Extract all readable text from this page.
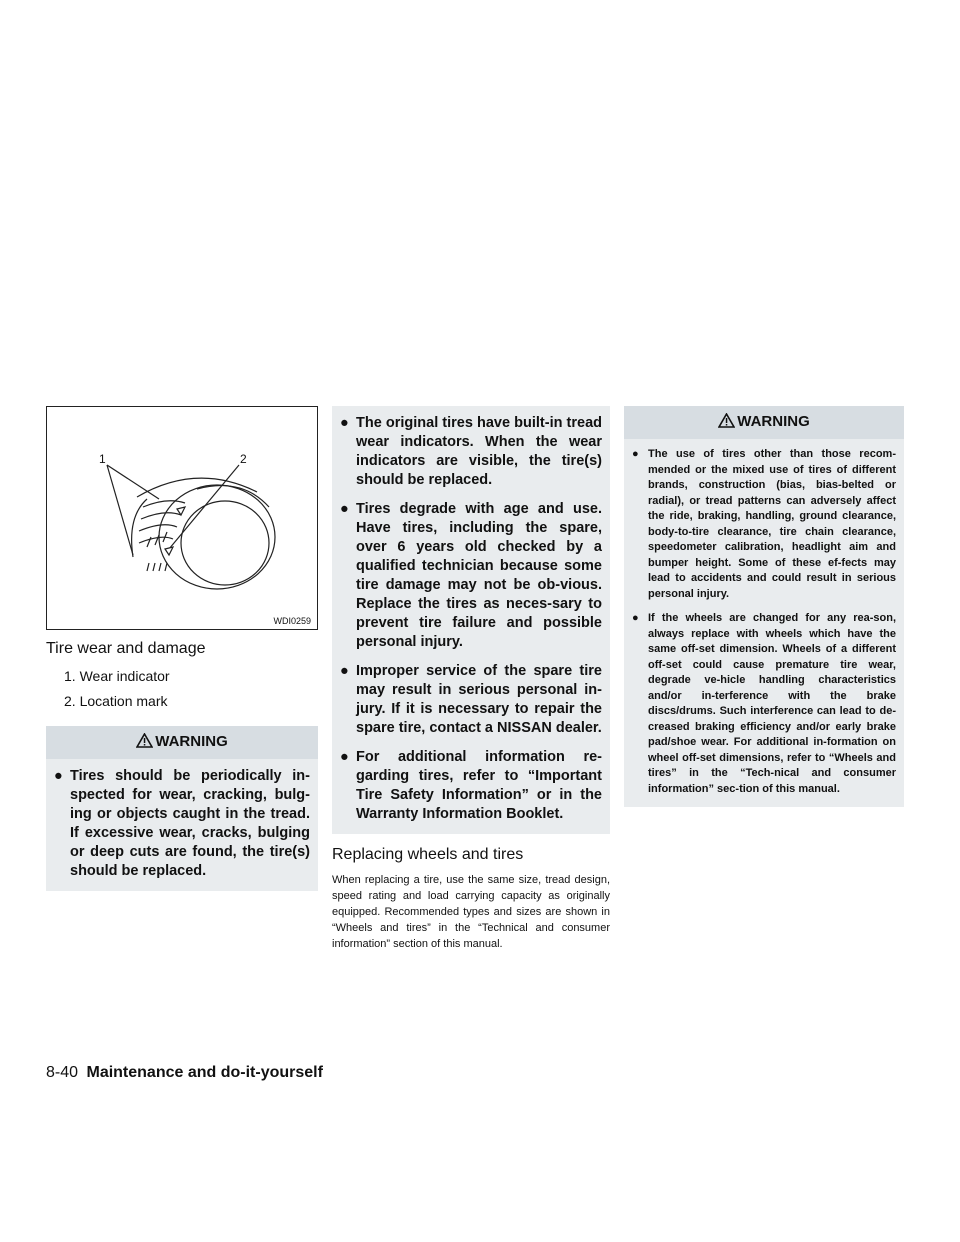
1	2
WDI0259
Tire wear and damage
1. Wear indicator
2. Location mark
WARNING
● Tires should be periodically in-spected for wear, cracking, bulg-ing or objects caught in the tread. If excessive wear, cracks, bulging or deep cuts are found, the tire(s) should be replaced.
● The original tires have built-in tread wear indicators. When the wear indicators are visible, the tire(s) should be replaced.
● Tires degrade with age and use. Have tires, including the spare, over 6 years old checked by a qualified technician because some tire damage may not be ob-vious. Replace the tires as neces-sary to prevent tire failure and possible personal injury.
● Improper service of the spare tire may result in serious personal in-jury. If it is necessary to repair the spare tire, contact a NISSAN dealer.
● For additional information re-garding tires, refer to “Important Tire Safety Information” or in the Warranty Information Booklet.
Replacing wheels and tires

When replacing a tire, use the same size, tread design, speed rating and load carrying capacity as originally equipped. Recommended types and sizes are shown in “Wheels and tires” in the “Technical and consumer information” section of this manual.

WARNING
● The use of tires other than those recom-mended or the mixed use of tires of different brands, construction (bias, bias-belted or radial), or tread patterns can adversely affect the ride, braking, handling, ground clearance, body-to-tire clearance, tire chain clearance, speedometer calibration, headlight aim and bumper height. Some of these ef-fects may lead to accidents and could result in serious personal injury.
● If the wheels are changed for any rea-son, always replace with wheels which have the same off-set dimension. Wheels of a different off-set could cause premature tire wear, degrade ve-hicle handling characteristics and/or in-terference with the brake discs/drums. Such interference can lead to de-creased braking efficiency and/or early brake pad/shoe wear. For additional in-formation on wheel off-set dimensions, refer to “Wheels and tires” in the “Tech-nical and consumer information” sec-tion of this manual.
8-40 Maintenance and do-it-yourself
